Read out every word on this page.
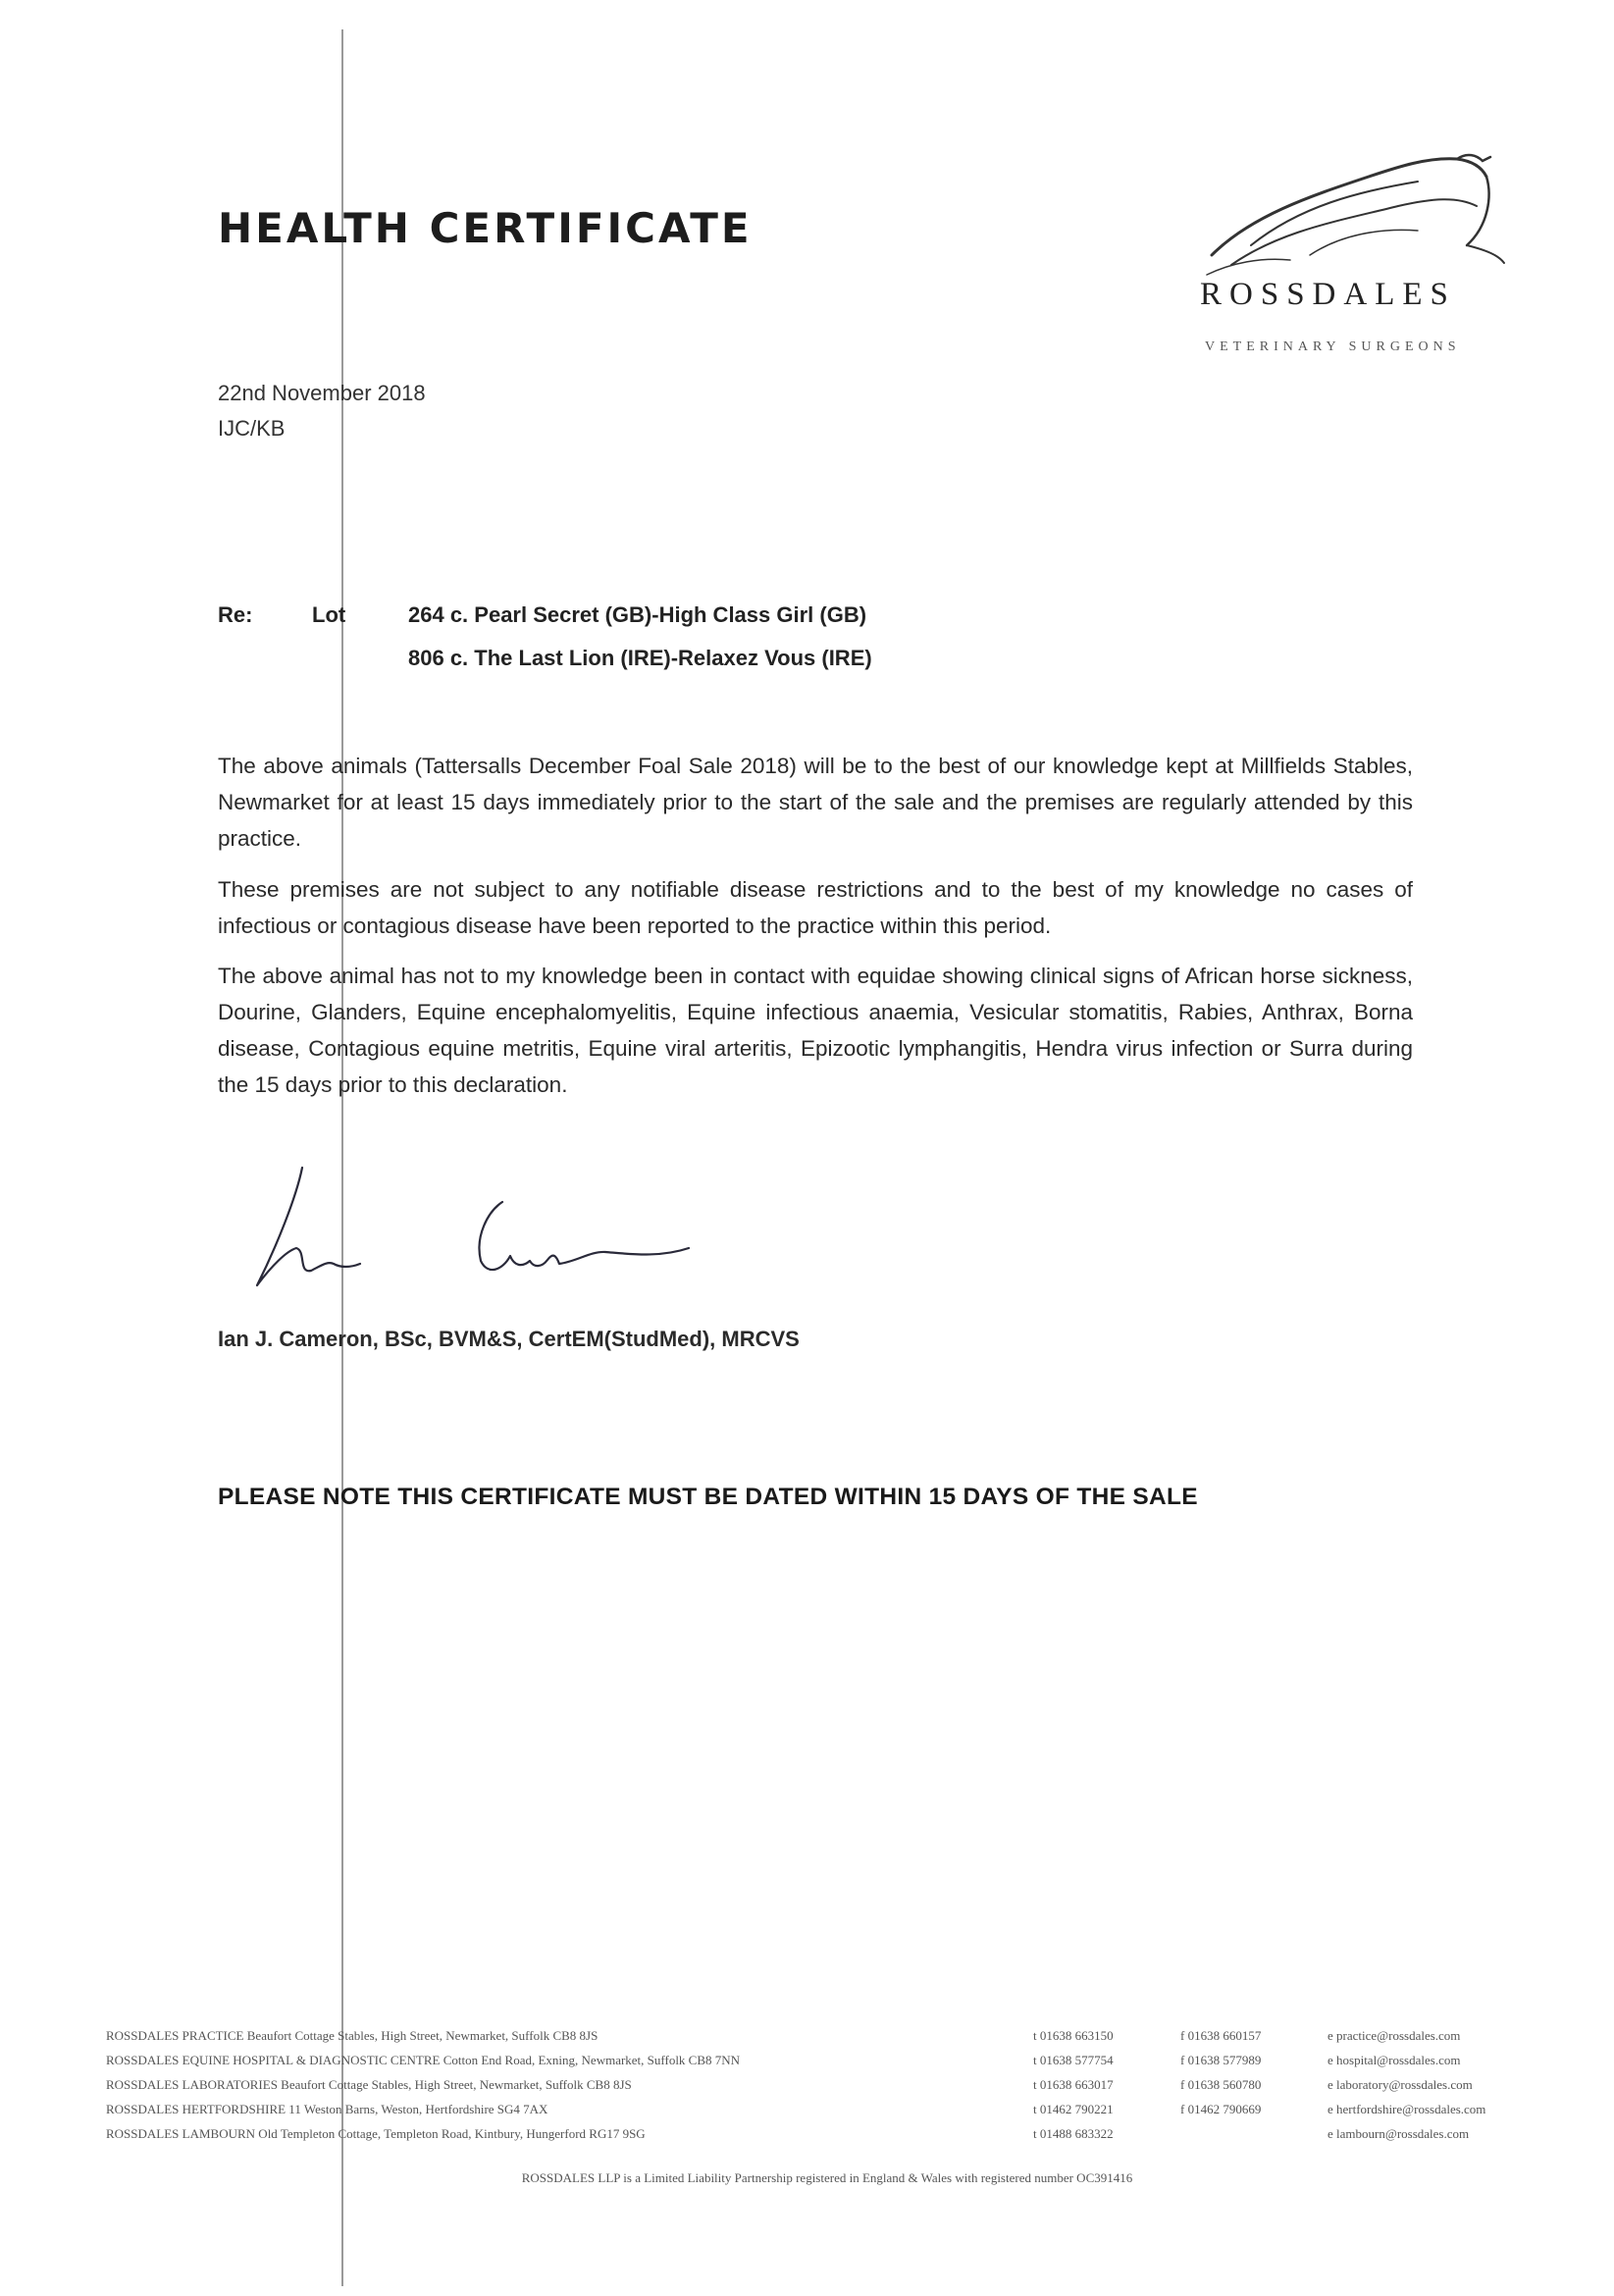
HEALTH CERTIFICATE
ROSSDALES
VETERINARY SURGEONS
22nd November 2018
IJC/KB
Re:	Lot	264 c. Pearl Secret (GB)-High Class Girl (GB)
806 c. The Last Lion (IRE)-Relaxez Vous (IRE)
The above animals (Tattersalls December Foal Sale 2018) will be to the best of our knowledge kept at Millfields Stables, Newmarket for at least 15 days immediately prior to the start of the sale and the premises are regularly attended by this practice.
These premises are not subject to any notifiable disease restrictions and to the best of my knowledge no cases of infectious or contagious disease have been reported to the practice within this period.
The above animal has not to my knowledge been in contact with equidae showing clinical signs of African horse sickness, Dourine, Glanders, Equine encephalomyelitis, Equine infectious anaemia, Vesicular stomatitis, Rabies, Anthrax, Borna disease, Contagious equine metritis, Equine viral arteritis, Epizootic lymphangitis, Hendra virus infection or Surra during the 15 days prior to this declaration.
Ian J. Cameron, BSc, BVM&S, CertEM(StudMed), MRCVS
PLEASE NOTE THIS CERTIFICATE MUST BE DATED WITHIN 15 DAYS OF THE SALE
ROSSDALES PRACTICE Beaufort Cottage Stables, High Street, Newmarket, Suffolk CB8 8JS	t 01638 663150	f 01638 660157	e practice@rossdales.com
ROSSDALES EQUINE HOSPITAL & DIAGNOSTIC CENTRE Cotton End Road, Exning, Newmarket, Suffolk CB8 7NN	t 01638 577754	f 01638 577989	e hospital@rossdales.com
ROSSDALES LABORATORIES Beaufort Cottage Stables, High Street, Newmarket, Suffolk CB8 8JS	t 01638 663017	f 01638 560780	e laboratory@rossdales.com
ROSSDALES HERTFORDSHIRE 11 Weston Barns, Weston, Hertfordshire SG4 7AX	t 01462 790221	f 01462 790669	e hertfordshire@rossdales.com
ROSSDALES LAMBOURN Old Templeton Cottage, Templeton Road, Kintbury, Hungerford RG17 9SG	t 01488 683322	e lambourn@rossdales.com
ROSSDALES LLP is a Limited Liability Partnership registered in England & Wales with registered number OC391416
